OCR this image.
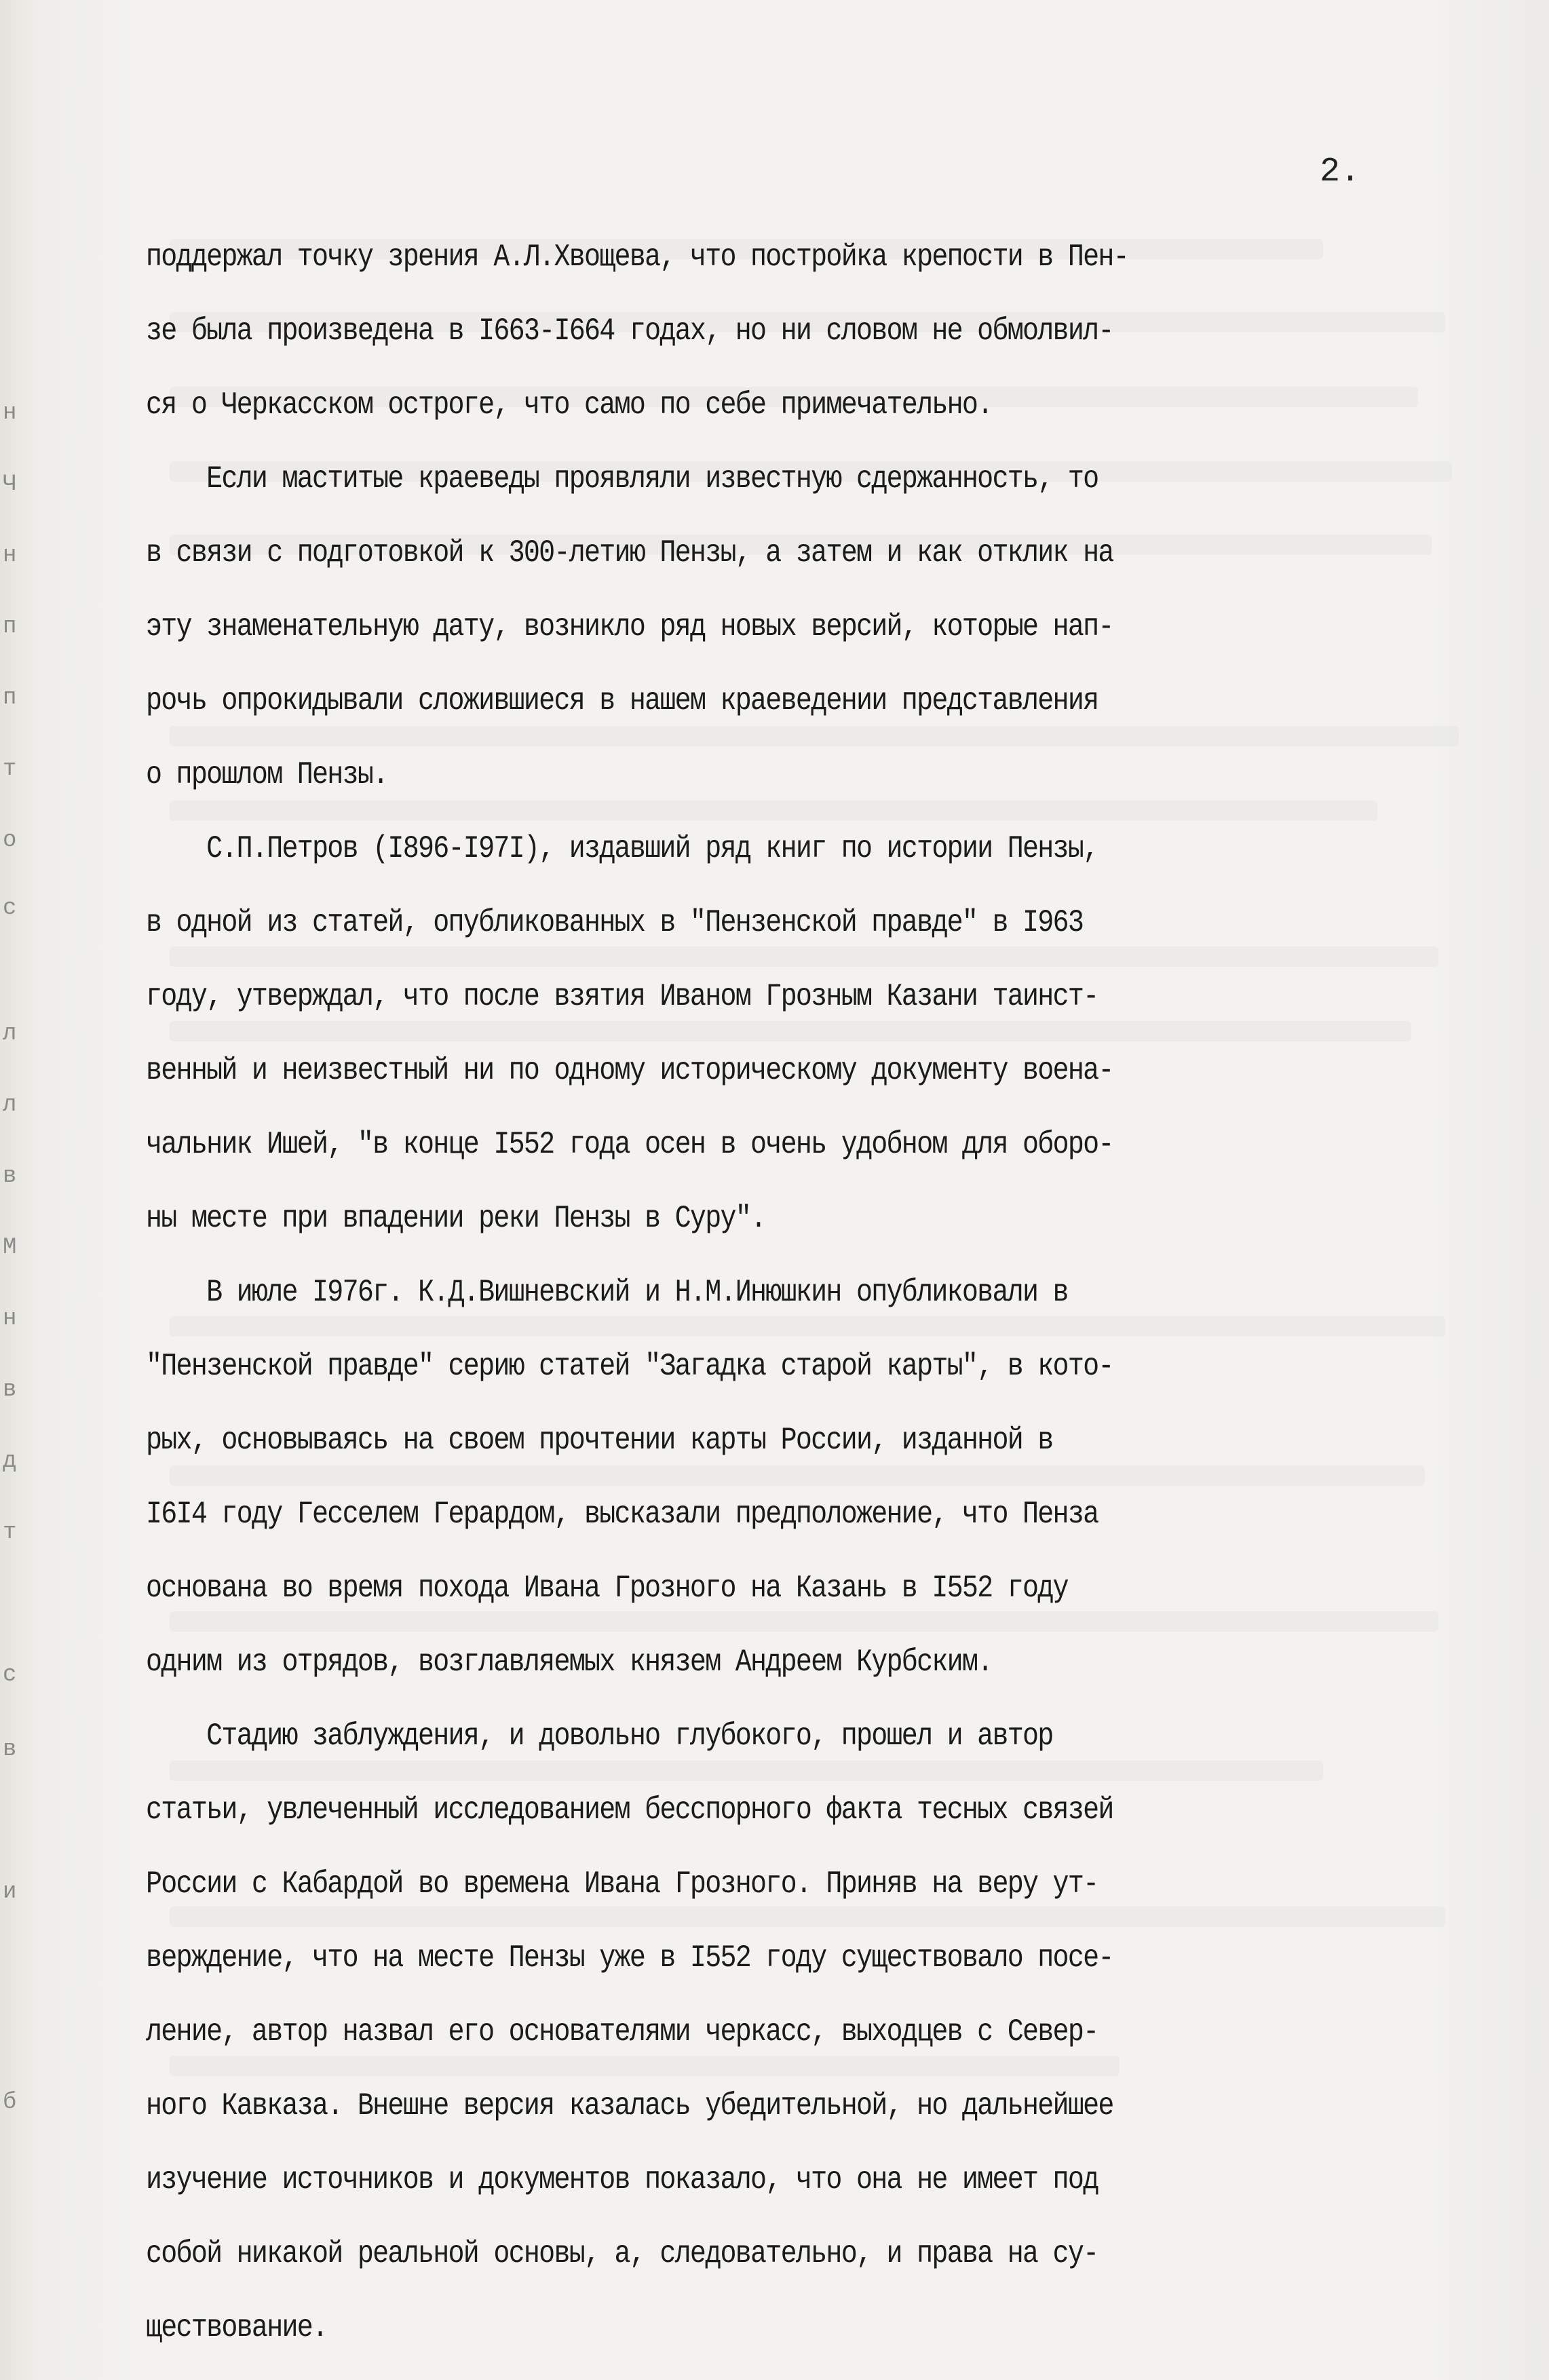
н
Ч
н
п
п
т
о
с
л
л
в
М
н
в
д
т
с
в
и
б
2.
поддержал точку зрения А.Л.Хвощева, что постройка крепости в Пен-
зе была произведена в I663-I664 годах, но ни словом не обмолвил-
ся о Черкасском остроге, что само по себе примечательно.
Если маститые краеведы проявляли известную сдержанность, то
в связи с подготовкой к 300-летию Пензы, а затем и как отклик на
эту знаменательную дату, возникло ряд новых версий, которые нап-
рочь опрокидывали сложившиеся в нашем краеведении представления
о прошлом Пензы.
С.П.Петров (I896-I97I), издавший ряд книг по истории Пензы,
в одной из статей, опубликованных в "Пензенской правде" в I963
году, утверждал, что после взятия Иваном Грозным Казани таинст-
венный и неизвестный ни по одному историческому документу воена-
чальник Ишей, "в конце I552 года осен в очень удобном для оборо-
ны месте при впадении реки Пензы в Суру".
В июле I976г. К.Д.Вишневский и Н.М.Инюшкин опубликовали в
"Пензенской правде" серию статей "Загадка старой карты", в кото-
рых, основываясь на своем прочтении карты России, изданной в
I6I4 году Гесселем Герардом, высказали предположение, что Пенза
основана во время похода Ивана Грозного на Казань в I552 году
одним из отрядов, возглавляемых князем Андреем Курбским.
Стадию заблуждения, и довольно глубокого, прошел и автор
статьи, увлеченный исследованием бесспорного факта тесных связей
России с Кабардой во времена Ивана Грозного. Приняв на веру ут-
верждение, что на месте Пензы уже в I552 году существовало посе-
ление, автор назвал его основателями черкасс, выходцев с Север-
ного Кавказа. Внешне версия казалась убедительной, но дальнейшее
изучение источников и документов показало, что она не имеет под
собой никакой реальной основы, а, следовательно, и права на су-
ществование.
